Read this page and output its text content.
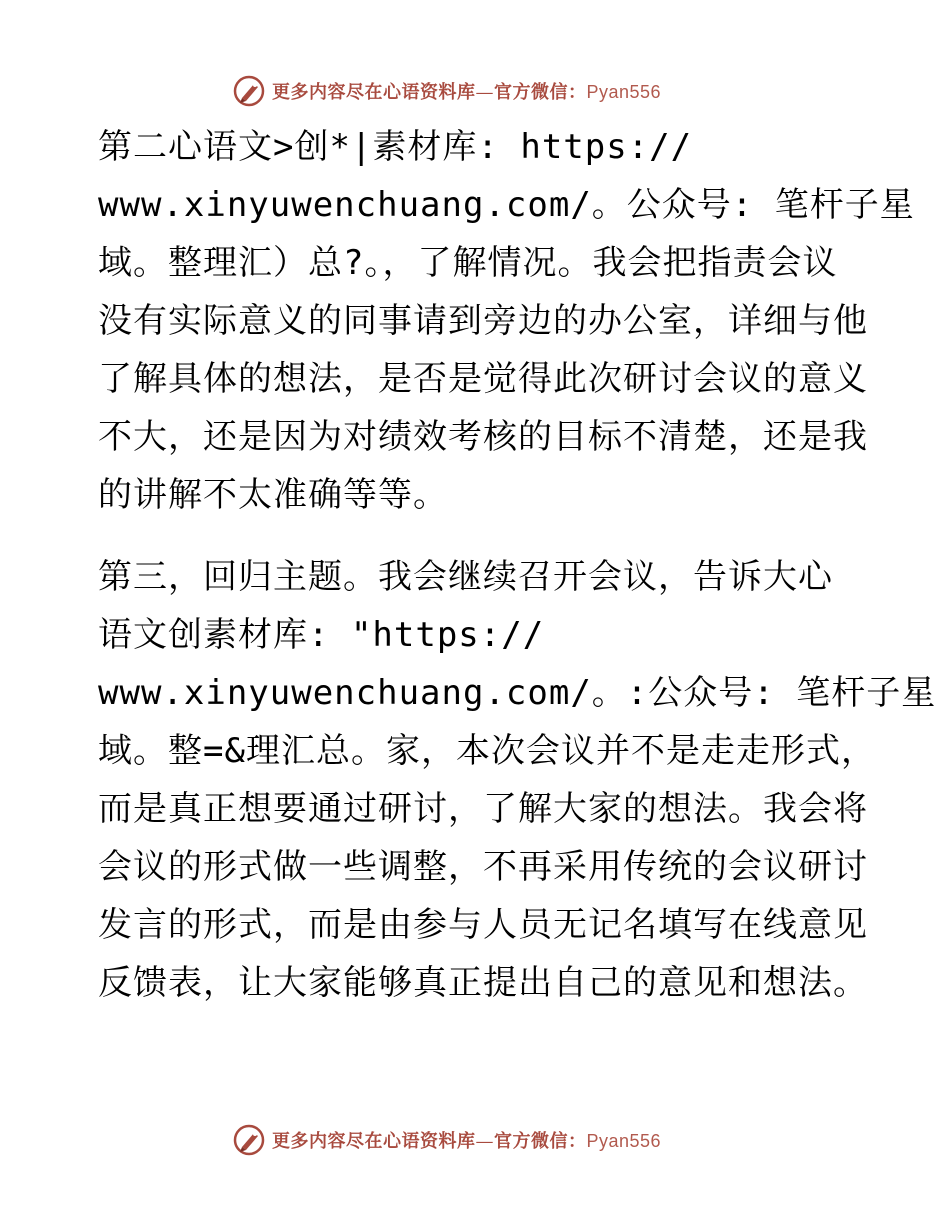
更多内容尽在心语资料库—官方微信：Pyan556
第二心语文>创*|素材库: https://
www.xinyuwenchuang.com/。公众号: 笔杆子星
域。整理汇）总?。，了解情况。我会把指责会议
没有实际意义的同事请到旁边的办公室，详细与他
了解具体的想法，是否是觉得此次研讨会议的意义
不大，还是因为对绩效考核的目标不清楚，还是我
的讲解不太准确等等。
第三，回归主题。我会继续召开会议，告诉大心
语文创素材库: "https://
www.xinyuwenchuang.com/。:公众号: 笔杆子星
域。整=&理汇总。家，本次会议并不是走走形式，
而是真正想要通过研讨，了解大家的想法。我会将
会议的形式做一些调整，不再采用传统的会议研讨
发言的形式，而是由参与人员无记名填写在线意见
反馈表，让大家能够真正提出自己的意见和想法。
更多内容尽在心语资料库—官方微信：Pyan556
